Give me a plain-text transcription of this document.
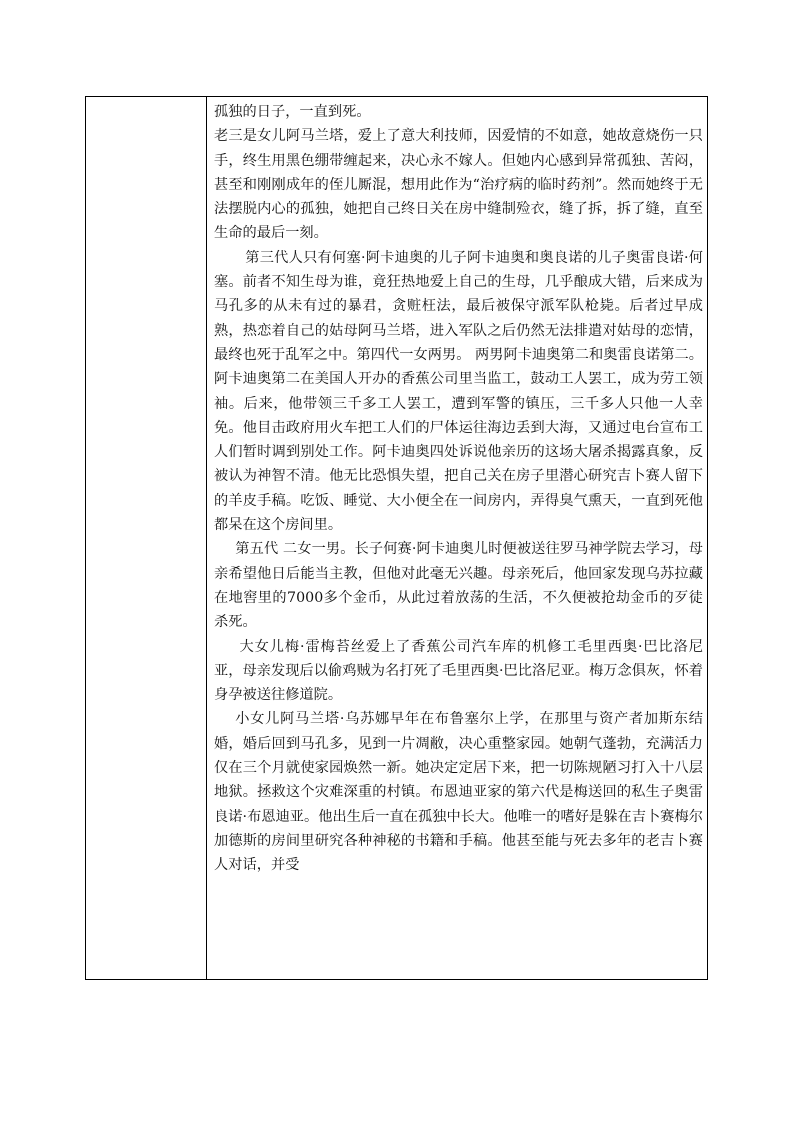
孤独的日子，一直到死。

老三是女儿阿马兰塔，爱上了意大利技师，因爱情的不如意，她故意烧伤一只手，终生用黑色绷带缠起来，决心永不嫁人。但她内心感到异常孤独、苦闷，甚至和刚刚成年的侄儿厮混，想用此作为“治疗病的临时药剂”。然而她终于无法摆脱内心的孤独，她把自己终日关在房中缝制殓衣，缝了拆，拆了缝，直至生命的最后一刻。

第三代人只有何塞·阿卡迪奥的儿子阿卡迪奥和奥良诺的儿子奥雷良诺·何塞。前者不知生母为谁，竟狂热地爱上自己的生母，几乎酿成大错，后来成为马孔多的从未有过的暴君，贪赃枉法，最后被保守派军队枪毙。后者过早成熟，热恋着自己的姑母阿马兰塔，进入军队之后仍然无法排遣对姑母的恋情，最终也死于乱军之中。第四代一女两男。 两男阿卡迪奥第二和奥雷良诺第二。阿卡迪奥第二在美国人开办的香蕉公司里当监工，鼓动工人罢工，成为劳工领袖。后来，他带领三千多工人罢工，遭到军警的镇压，三千多人只他一人幸免。他目击政府用火车把工人们的尸体运往海边丢到大海，又通过电台宣布工人们暂时调到别处工作。阿卡迪奥四处诉说他亲历的这场大屠杀揭露真象，反被认为神智不清。他无比恐惧失望，把自己关在房子里潜心研究吉卜赛人留下的羊皮手稿。吃饭、睡觉、大小便全在一间房内，弄得臭气熏天，一直到死他都呆在这个房间里。

第五代 二女一男。长子何赛·阿卡迪奥儿时便被送往罗马神学院去学习，母亲希望他日后能当主教，但他对此毫无兴趣。母亲死后，他回家发现乌苏拉藏在地窖里的7000多个金币，从此过着放荡的生活，不久便被抢劫金币的歹徒杀死。

大女儿梅·雷梅苔丝爱上了香蕉公司汽车库的机修工毛里西奥·巴比洛尼亚，母亲发现后以偷鸡贼为名打死了毛里西奥·巴比洛尼亚。梅万念俱灰，怀着身孕被送往修道院。

小女儿阿马兰塔·乌苏娜早年在布鲁塞尔上学，在那里与资产者加斯东结婚，婚后回到马孔多，见到一片凋敝，决心重整家园。她朝气蓬勃，充满活力仅在三个月就使家园焕然一新。她决定定居下来，把一切陈规陋习打入十八层地狱。拯救这个灾难深重的村镇。布恩迪亚家的第六代是梅送回的私生子奥雷良诺·布恩迪亚。他出生后一直在孤独中长大。他唯一的嗜好是躲在吉卜赛梅尔加德斯的房间里研究各种神秘的书籍和手稿。他甚至能与死去多年的老吉卜赛人对话，并受
